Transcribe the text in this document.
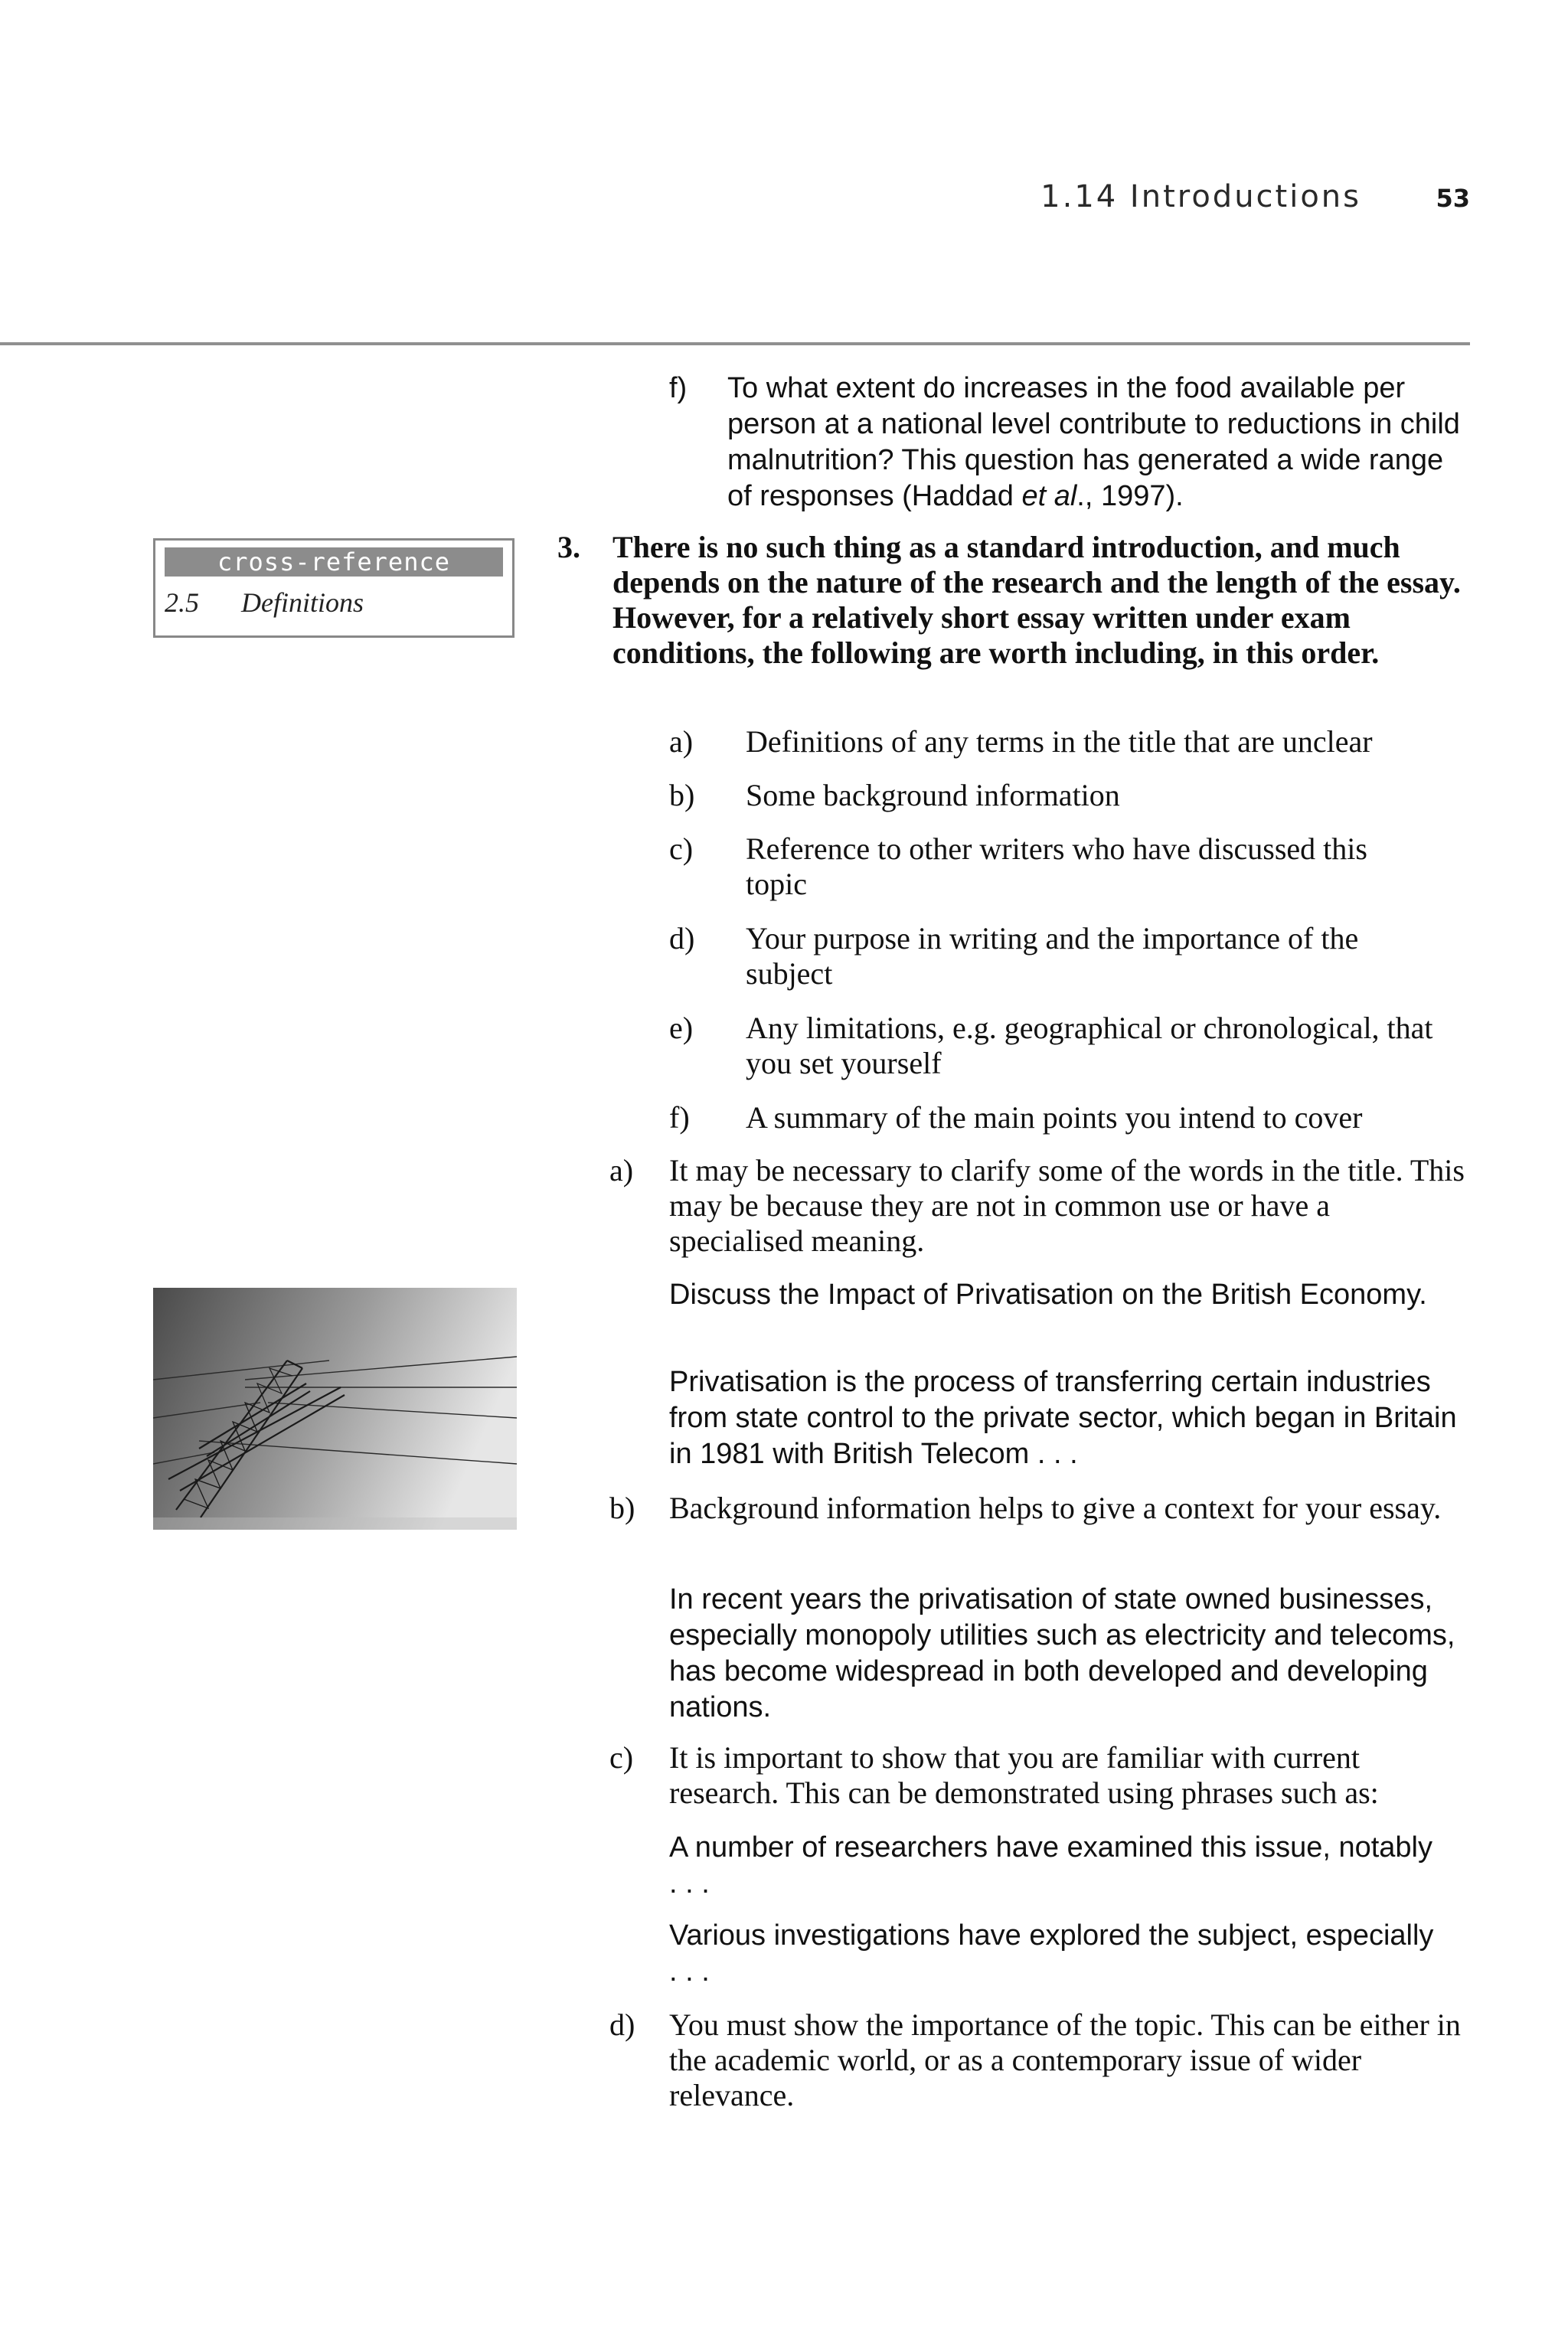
1.14 Introductions	53
f) To what extent do increases in the food available per person at a national level contribute to reductions in child malnutrition? This question has generated a wide range of responses (Haddad et al., 1997).
cross-reference
2.5 Definitions
3. There is no such thing as a standard introduction, and much depends on the nature of the research and the length of the essay. However, for a relatively short essay written under exam conditions, the following are worth including, in this order.
a) Definitions of any terms in the title that are unclear
b) Some background information
c) Reference to other writers who have discussed this topic
d) Your purpose in writing and the importance of the subject
e) Any limitations, e.g. geographical or chronological, that you set yourself
f) A summary of the main points you intend to cover
a) It may be necessary to clarify some of the words in the title. This may be because they are not in common use or have a specialised meaning.
Discuss the Impact of Privatisation on the British Economy.
Privatisation is the process of transferring certain industries from state control to the private sector, which began in Britain in 1981 with British Telecom . . .
b) Background information helps to give a context for your essay.
In recent years the privatisation of state owned businesses, especially monopoly utilities such as electricity and telecoms, has become widespread in both developed and developing nations.
c) It is important to show that you are familiar with current research. This can be demonstrated using phrases such as:
A number of researchers have examined this issue, notably . . .
Various investigations have explored the subject, especially . . .
d) You must show the importance of the topic. This can be either in the academic world, or as a contemporary issue of wider relevance.
